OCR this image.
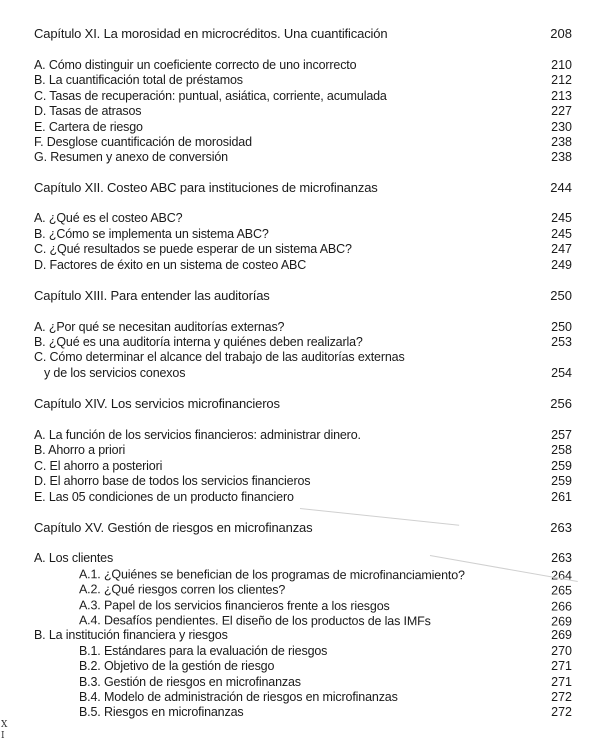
Capítulo XI. La morosidad en microcréditos. Una cuantificación	208
A. Cómo distinguir un coeficiente correcto de uno incorrecto	210
B. La cuantificación total de préstamos	212
C. Tasas de recuperación: puntual, asiática, corriente, acumulada	213
D. Tasas de atrasos	227
E. Cartera de riesgo	230
F. Desglose cuantificación de morosidad	238
G. Resumen y anexo de conversión	238
Capítulo XII. Costeo ABC para instituciones de microfinanzas	244
A. ¿Qué es el costeo ABC?	245
B. ¿Cómo se implementa un sistema ABC?	245
C. ¿Qué resultados se puede esperar de un sistema ABC?	247
D. Factores de éxito en un sistema de costeo ABC	249
Capítulo XIII. Para entender las auditorías	250
A. ¿Por qué se necesitan auditorías externas?	250
B. ¿Qué es una auditoría interna y quiénes deben realizarla?	253
C. Cómo determinar el alcance del trabajo de las auditorías externas
y de los servicios conexos	254
Capítulo XIV. Los servicios microfinancieros	256
A. La función de los servicios financieros: administrar dinero.	257
B. Ahorro a priori	258
C. El ahorro a posteriori	259
D. El ahorro base de todos los servicios financieros	259
E. Las 05 condiciones de un producto financiero	261
Capítulo XV. Gestión de riesgos en microfinanzas	263
A. Los clientes	263
A.1. ¿Quiénes se benefician de los programas de microfinanciamiento?	264
A.2. ¿Qué riesgos corren los clientes?	265
A.3. Papel de los servicios financieros frente a los riesgos	266
A.4. Desafíos pendientes. El diseño de los productos de las IMFs	269
B. La institución financiera y riesgos	269
B.1. Estándares para la evaluación de riesgos	270
B.2. Objetivo de la gestión de riesgo	271
B.3. Gestión de riesgos en microfinanzas	271
B.4. Modelo de administración de riesgos en microfinanzas	272
B.5. Riesgos en microfinanzas	272
X
I
